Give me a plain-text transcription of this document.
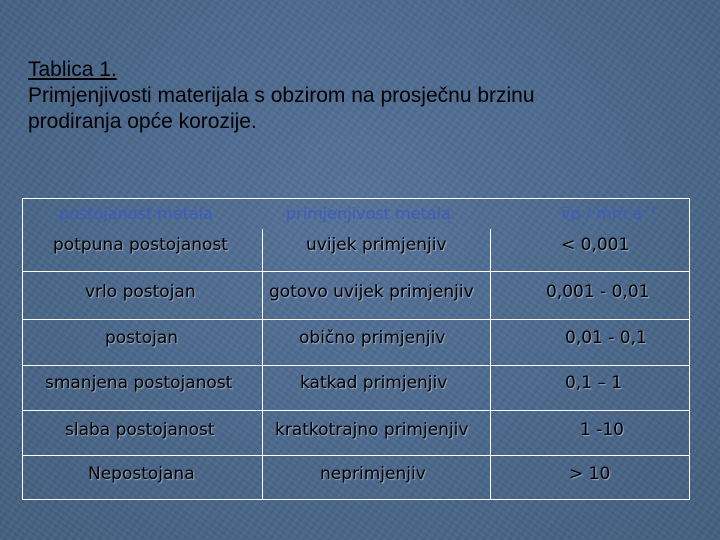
Tablica 1.
Primjenjivosti materijala s obzirom na prosječnu brzinu
prodiranja opće korozije.
postojanost metala	primjenjivost metala	v̄p / mm a⁻¹
potpuna postojanost	uvijek primjenjiv	< 0,001
vrlo postojan	gotovo uvijek primjenjiv	0,001 - 0,01
postojan	obično primjenjiv	0,01 - 0,1
smanjena postojanost	katkad primjenjiv	0,1 – 1
slaba postojanost	kratkotrajno primjenjiv	1 -10
Nepostojana	neprimjenjiv	> 10
